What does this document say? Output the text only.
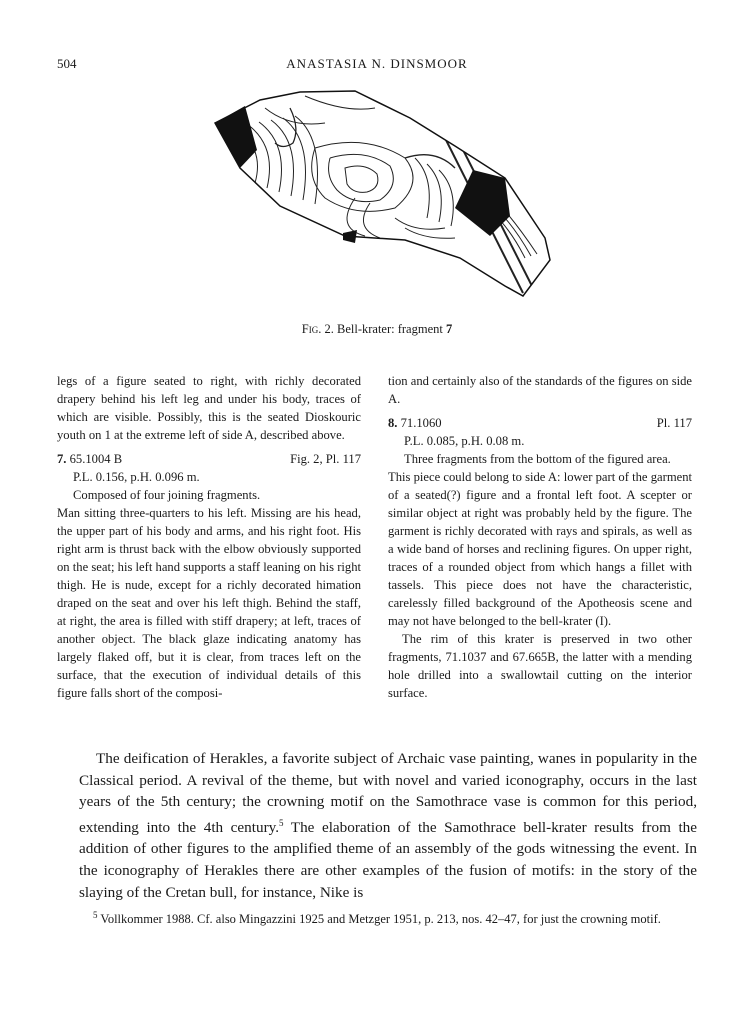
504	ANASTASIA N. DINSMOOR
Fig. 2. Bell-krater: fragment 7

legs of a figure seated to right, with richly decorated drapery behind his left leg and under his body, traces of which are visible. Possibly, this is the seated Dioskouric youth on 1 at the extreme left of side A, described above.

7. 65.1004 B	Fig. 2, Pl. 117

P.L. 0.156, p.H. 0.096 m.

Composed of four joining fragments.

Man sitting three-quarters to his left. Missing are his head, the upper part of his body and arms, and his right foot. His right arm is thrust back with the elbow obviously supported on the seat; his left hand supports a staff leaning on his right thigh. He is nude, except for a richly decorated himation draped on the seat and over his left thigh. Behind the staff, at right, the area is filled with stiff drapery; at left, traces of another object. The black glaze indicating anatomy has largely flaked off, but it is clear, from traces left on the surface, that the execution of individual details of this figure falls short of the composi-

tion and certainly also of the standards of the figures on side A.

8. 71.1060	Pl. 117

P.L. 0.085, p.H. 0.08 m.

Three fragments from the bottom of the figured area.

This piece could belong to side A: lower part of the garment of a seated(?) figure and a frontal left foot. A scepter or similar object at right was probably held by the figure. The garment is richly decorated with rays and spirals, as well as a wide band of horses and reclining figures. On upper right, traces of a rounded object from which hangs a fillet with tassels. This piece does not have the characteristic, carelessly filled background of the Apotheosis scene and may not have belonged to the bell-krater (I).

The rim of this krater is preserved in two other fragments, 71.1037 and 67.665B, the latter with a mending hole drilled into a swallowtail cutting on the interior surface.

The deification of Herakles, a favorite subject of Archaic vase painting, wanes in popularity in the Classical period. A revival of the theme, but with novel and varied iconography, occurs in the last years of the 5th century; the crowning motif on the Samothrace vase is common for this period, extending into the 4th century.$^5$ The elaboration of the Samothrace bell-krater results from the addition of other figures to the amplified theme of an assembly of the gods witnessing the event. In the iconography of Herakles there are other examples of the fusion of motifs: in the story of the slaying of the Cretan bull, for instance, Nike is

$^5$ Vollkommer 1988. Cf. also Mingazzini 1925 and Metzger 1951, p. 213, nos. 42–47, for just the crowning motif.
